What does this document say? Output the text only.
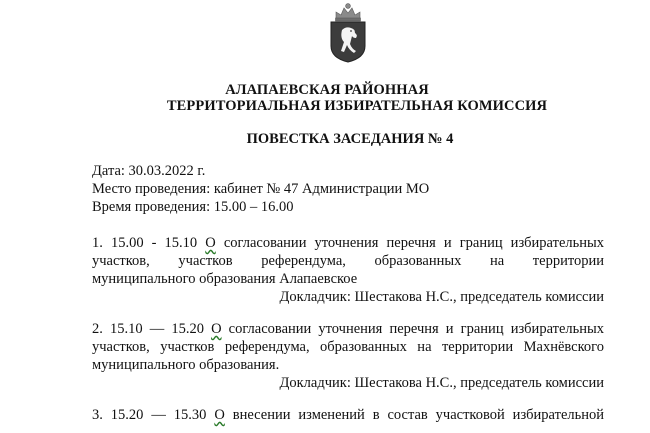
АЛАПАЕВСКАЯ РАЙОННАЯ
ТЕРРИТОРИАЛЬНАЯ ИЗБИРАТЕЛЬНАЯ КОМИССИЯ
ПОВЕСТКА ЗАСЕДАНИЯ № 4
Дата: 30.03.2022 г.
Место проведения: кабинет № 47 Администрации МО
Время проведения: 15.00 – 16.00
1. 15.00 - 15.10 О согласовании уточнения перечня и границ избирательных
участков, участков референдума, образованных на территории
муниципального образования Алапаевское
Докладчик: Шестакова Н.С., председатель комиссии
2. 15.10 — 15.20 О согласовании уточнения перечня и границ избирательных
участков, участков референдума, образованных на территории Махнёвского
муниципального образования.
Докладчик: Шестакова Н.С., председатель комиссии
3. 15.20 — 15.30 О внесении изменений в состав участковой избирательной
